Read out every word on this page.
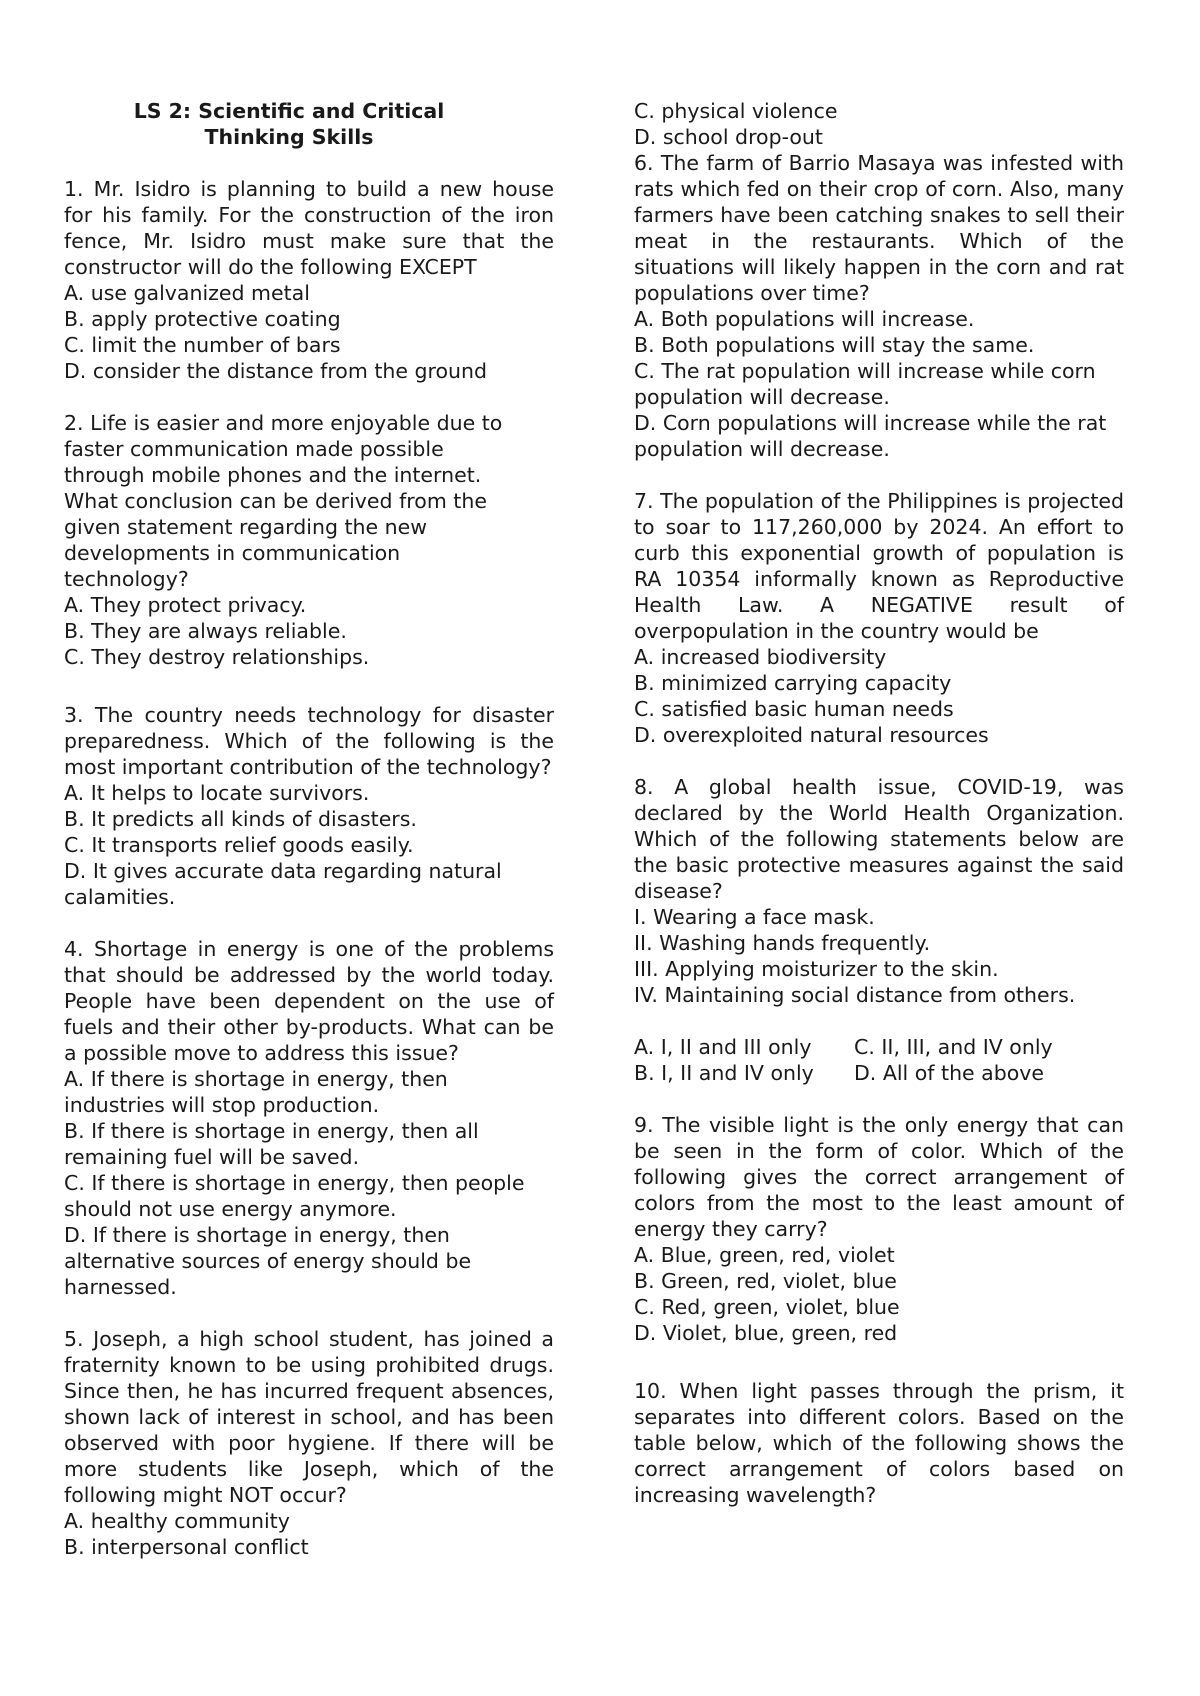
LS 2: Scientific and Critical
Thinking Skills

1. Mr. Isidro is planning to build a new house for his family. For the construction of the iron fence, Mr. Isidro must make sure that the constructor will do the following EXCEPT

A. use galvanized metal
B. apply protective coating
C. limit the number of bars
D. consider the distance from the ground
2. Life is easier and more enjoyable due to
faster communication made possible
through mobile phones and the internet.
What conclusion can be derived from the
given statement regarding the new
developments in communication
technology?
A. They protect privacy.
B. They are always reliable.
C. They destroy relationships.

3. The country needs technology for disaster preparedness. Which of the following is the most important contribution of the technology?

A. It helps to locate survivors.
B. It predicts all kinds of disasters.
C. It transports relief goods easily.
D. It gives accurate data regarding natural calamities.

4. Shortage in energy is one of the problems that should be addressed by the world today. People have been dependent on the use of fuels and their other by-products. What can be a possible move to address this issue?

A. If there is shortage in energy, then industries will stop production.
B. If there is shortage in energy, then all remaining fuel will be saved.
C. If there is shortage in energy, then people should not use energy anymore.
D. If there is shortage in energy, then alternative sources of energy should be harnessed.

5. Joseph, a high school student, has joined a fraternity known to be using prohibited drugs. Since then, he has incurred frequent absences, shown lack of interest in school, and has been observed with poor hygiene. If there will be more students like Joseph, which of the following might NOT occur?

A. healthy community
B. interpersonal conflict
C. physical violence
D. school drop-out

6. The farm of Barrio Masaya was infested with rats which fed on their crop of corn. Also, many farmers have been catching snakes to sell their meat in the restaurants. Which of the situations will likely happen in the corn and rat populations over time?

A. Both populations will increase.
B. Both populations will stay the same.
C. The rat population will increase while corn population will decrease.
D. Corn populations will increase while the rat population will decrease.

7. The population of the Philippines is projected to soar to 117,260,000 by 2024. An effort to curb this exponential growth of population is RA 10354 informally known as Reproductive Health Law. A NEGATIVE result of overpopulation in the country would be

A. increased biodiversity
B. minimized carrying capacity
C. satisfied basic human needs
D. overexploited natural resources

8. A global health issue, COVID-19, was declared by the World Health Organization. Which of the following statements below are the basic protective measures against the said disease?

I. Wearing a face mask.
II. Washing hands frequently.
III. Applying moisturizer to the skin.
IV. Maintaining social distance from others.
A. I, II and III only	C. II, III, and IV only
B. I, II and IV only	D. All of the above

9. The visible light is the only energy that can be seen in the form of color. Which of the following gives the correct arrangement of colors from the most to the least amount of energy they carry?

A. Blue, green, red, violet
B. Green, red, violet, blue
C. Red, green, violet, blue
D. Violet, blue, green, red

10. When light passes through the prism, it separates into different colors. Based on the table below, which of the following shows the correct arrangement of colors based on increasing wavelength?
